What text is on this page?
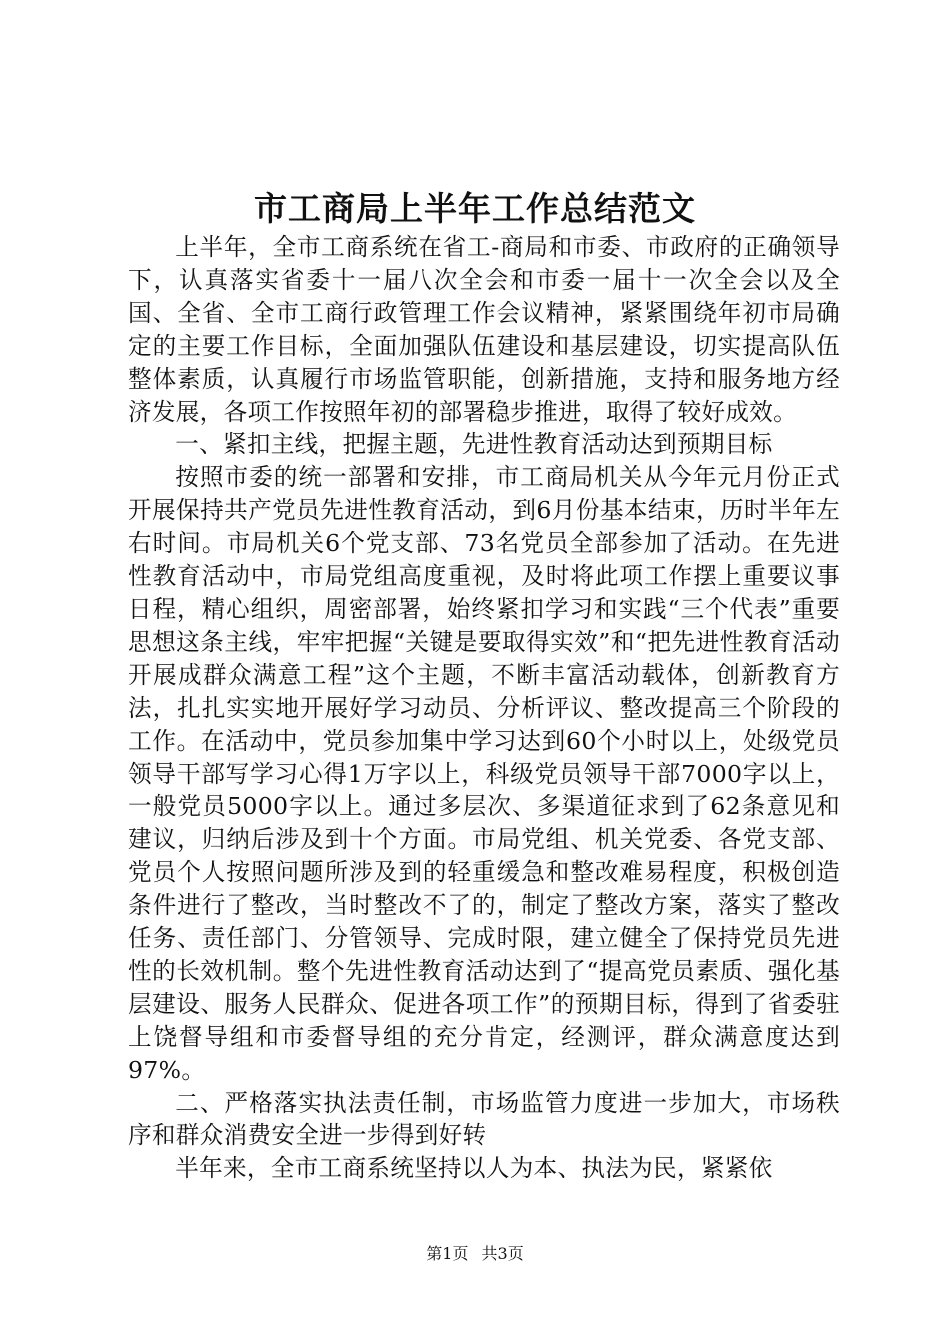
市工商局上半年工作总结范文

上半年，全市工商系统在省工-商局和市委、市政府的正确领导下，认真落实省委十一届八次全会和市委一届十一次全会以及全国、全省、全市工商行政管理工作会议精神，紧紧围绕年初市局确定的主要工作目标，全面加强队伍建设和基层建设，切实提高队伍整体素质，认真履行市场监管职能，创新措施，支持和服务地方经济发展，各项工作按照年初的部署稳步推进，取得了较好成效。

一、紧扣主线，把握主题，先进性教育活动达到预期目标

按照市委的统一部署和安排，市工商局机关从今年元月份正式开展保持共产党员先进性教育活动，到6月份基本结束，历时半年左右时间。市局机关6个党支部、73名党员全部参加了活动。在先进性教育活动中，市局党组高度重视，及时将此项工作摆上重要议事日程，精心组织，周密部署，始终紧扣学习和实践“三个代表”重要思想这条主线，牢牢把握“关键是要取得实效”和“把先进性教育活动开展成群众满意工程”这个主题，不断丰富活动载体，创新教育方法，扎扎实实地开展好学习动员、分析评议、整改提高三个阶段的工作。在活动中，党员参加集中学习达到60个小时以上，处级党员领导干部写学习心得1万字以上，科级党员领导干部7000字以上，一般党员5000字以上。通过多层次、多渠道征求到了62条意见和建议，归纳后涉及到十个方面。市局党组、机关党委、各党支部、党员个人按照问题所涉及到的轻重缓急和整改难易程度，积极创造条件进行了整改，当时整改不了的，制定了整改方案，落实了整改任务、责任部门、分管领导、完成时限，建立健全了保持党员先进性的长效机制。整个先进性教育活动达到了“提高党员素质、强化基层建设、服务人民群众、促进各项工作”的预期目标，得到了省委驻上饶督导组和市委督导组的充分肯定，经测评，群众满意度达到97%。

二、严格落实执法责任制，市场监管力度进一步加大，市场秩序和群众消费安全进一步得到好转

半年来，全市工商系统坚持以人为本、执法为民，紧紧依

第1页 共3页
